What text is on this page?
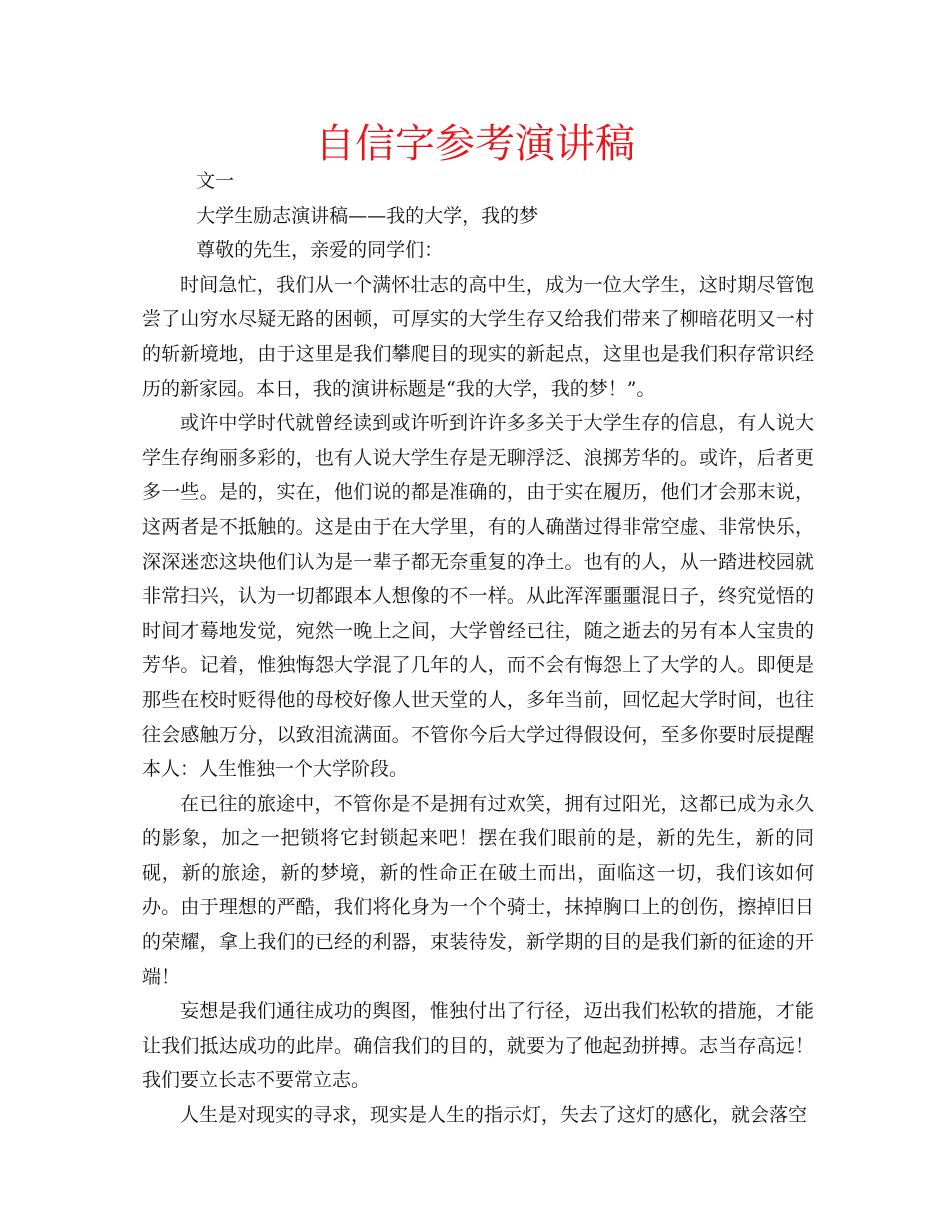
自信字参考演讲稿

文一

大学生励志演讲稿——我的大学，我的梦

尊敬的先生，亲爱的同学们：

时间急忙，我们从一个满怀壮志的高中生，成为一位大学生，这时期尽管饱尝了山穷水尽疑无路的困顿，可厚实的大学生存又给我们带来了柳暗花明又一村的斩新境地，由于这里是我们攀爬目的现实的新起点，这里也是我们积存常识经历的新家园。本日，我的演讲标题是“我的大学，我的梦！”。

或许中学时代就曾经读到或许听到许许多多关于大学生存的信息，有人说大学生存绚丽多彩的，也有人说大学生存是无聊浮泛、浪掷芳华的。或许，后者更多一些。是的，实在，他们说的都是准确的，由于实在履历，他们才会那末说，这两者是不抵触的。这是由于在大学里，有的人确凿过得非常空虚、非常快乐，深深迷恋这块他们认为是一辈子都无奈重复的净土。也有的人，从一踏进校园就非常扫兴，认为一切都跟本人想像的不一样。从此浑浑噩噩混日子，终究觉悟的时间才蓦地发觉，宛然一晚上之间，大学曾经已往，随之逝去的另有本人宝贵的芳华。记着，惟独悔怨大学混了几年的人，而不会有悔怨上了大学的人。即便是那些在校时贬得他的母校好像人世天堂的人，多年当前，回忆起大学时间，也往往会感触万分，以致泪流满面。不管你今后大学过得假设何，至多你要时辰提醒本人：人生惟独一个大学阶段。

在已往的旅途中，不管你是不是拥有过欢笑，拥有过阳光，这都已成为永久的影象，加之一把锁将它封锁起来吧！摆在我们眼前的是，新的先生，新的同砚，新的旅途，新的梦境，新的性命正在破土而出，面临这一切，我们该如何办。由于理想的严酷，我们将化身为一个个骑士，抹掉胸口上的创伤，擦掉旧日的荣耀，拿上我们的已经的利器，束装待发，新学期的目的是我们新的征途的开端！

妄想是我们通往成功的舆图，惟独付出了行径，迈出我们松软的措施，才能让我们抵达成功的此岸。确信我们的目的，就要为了他起劲拼搏。志当存高远！我们要立长志不要常立志。

人生是对现实的寻求，现实是人生的指示灯，失去了这灯的感化，就会落空
